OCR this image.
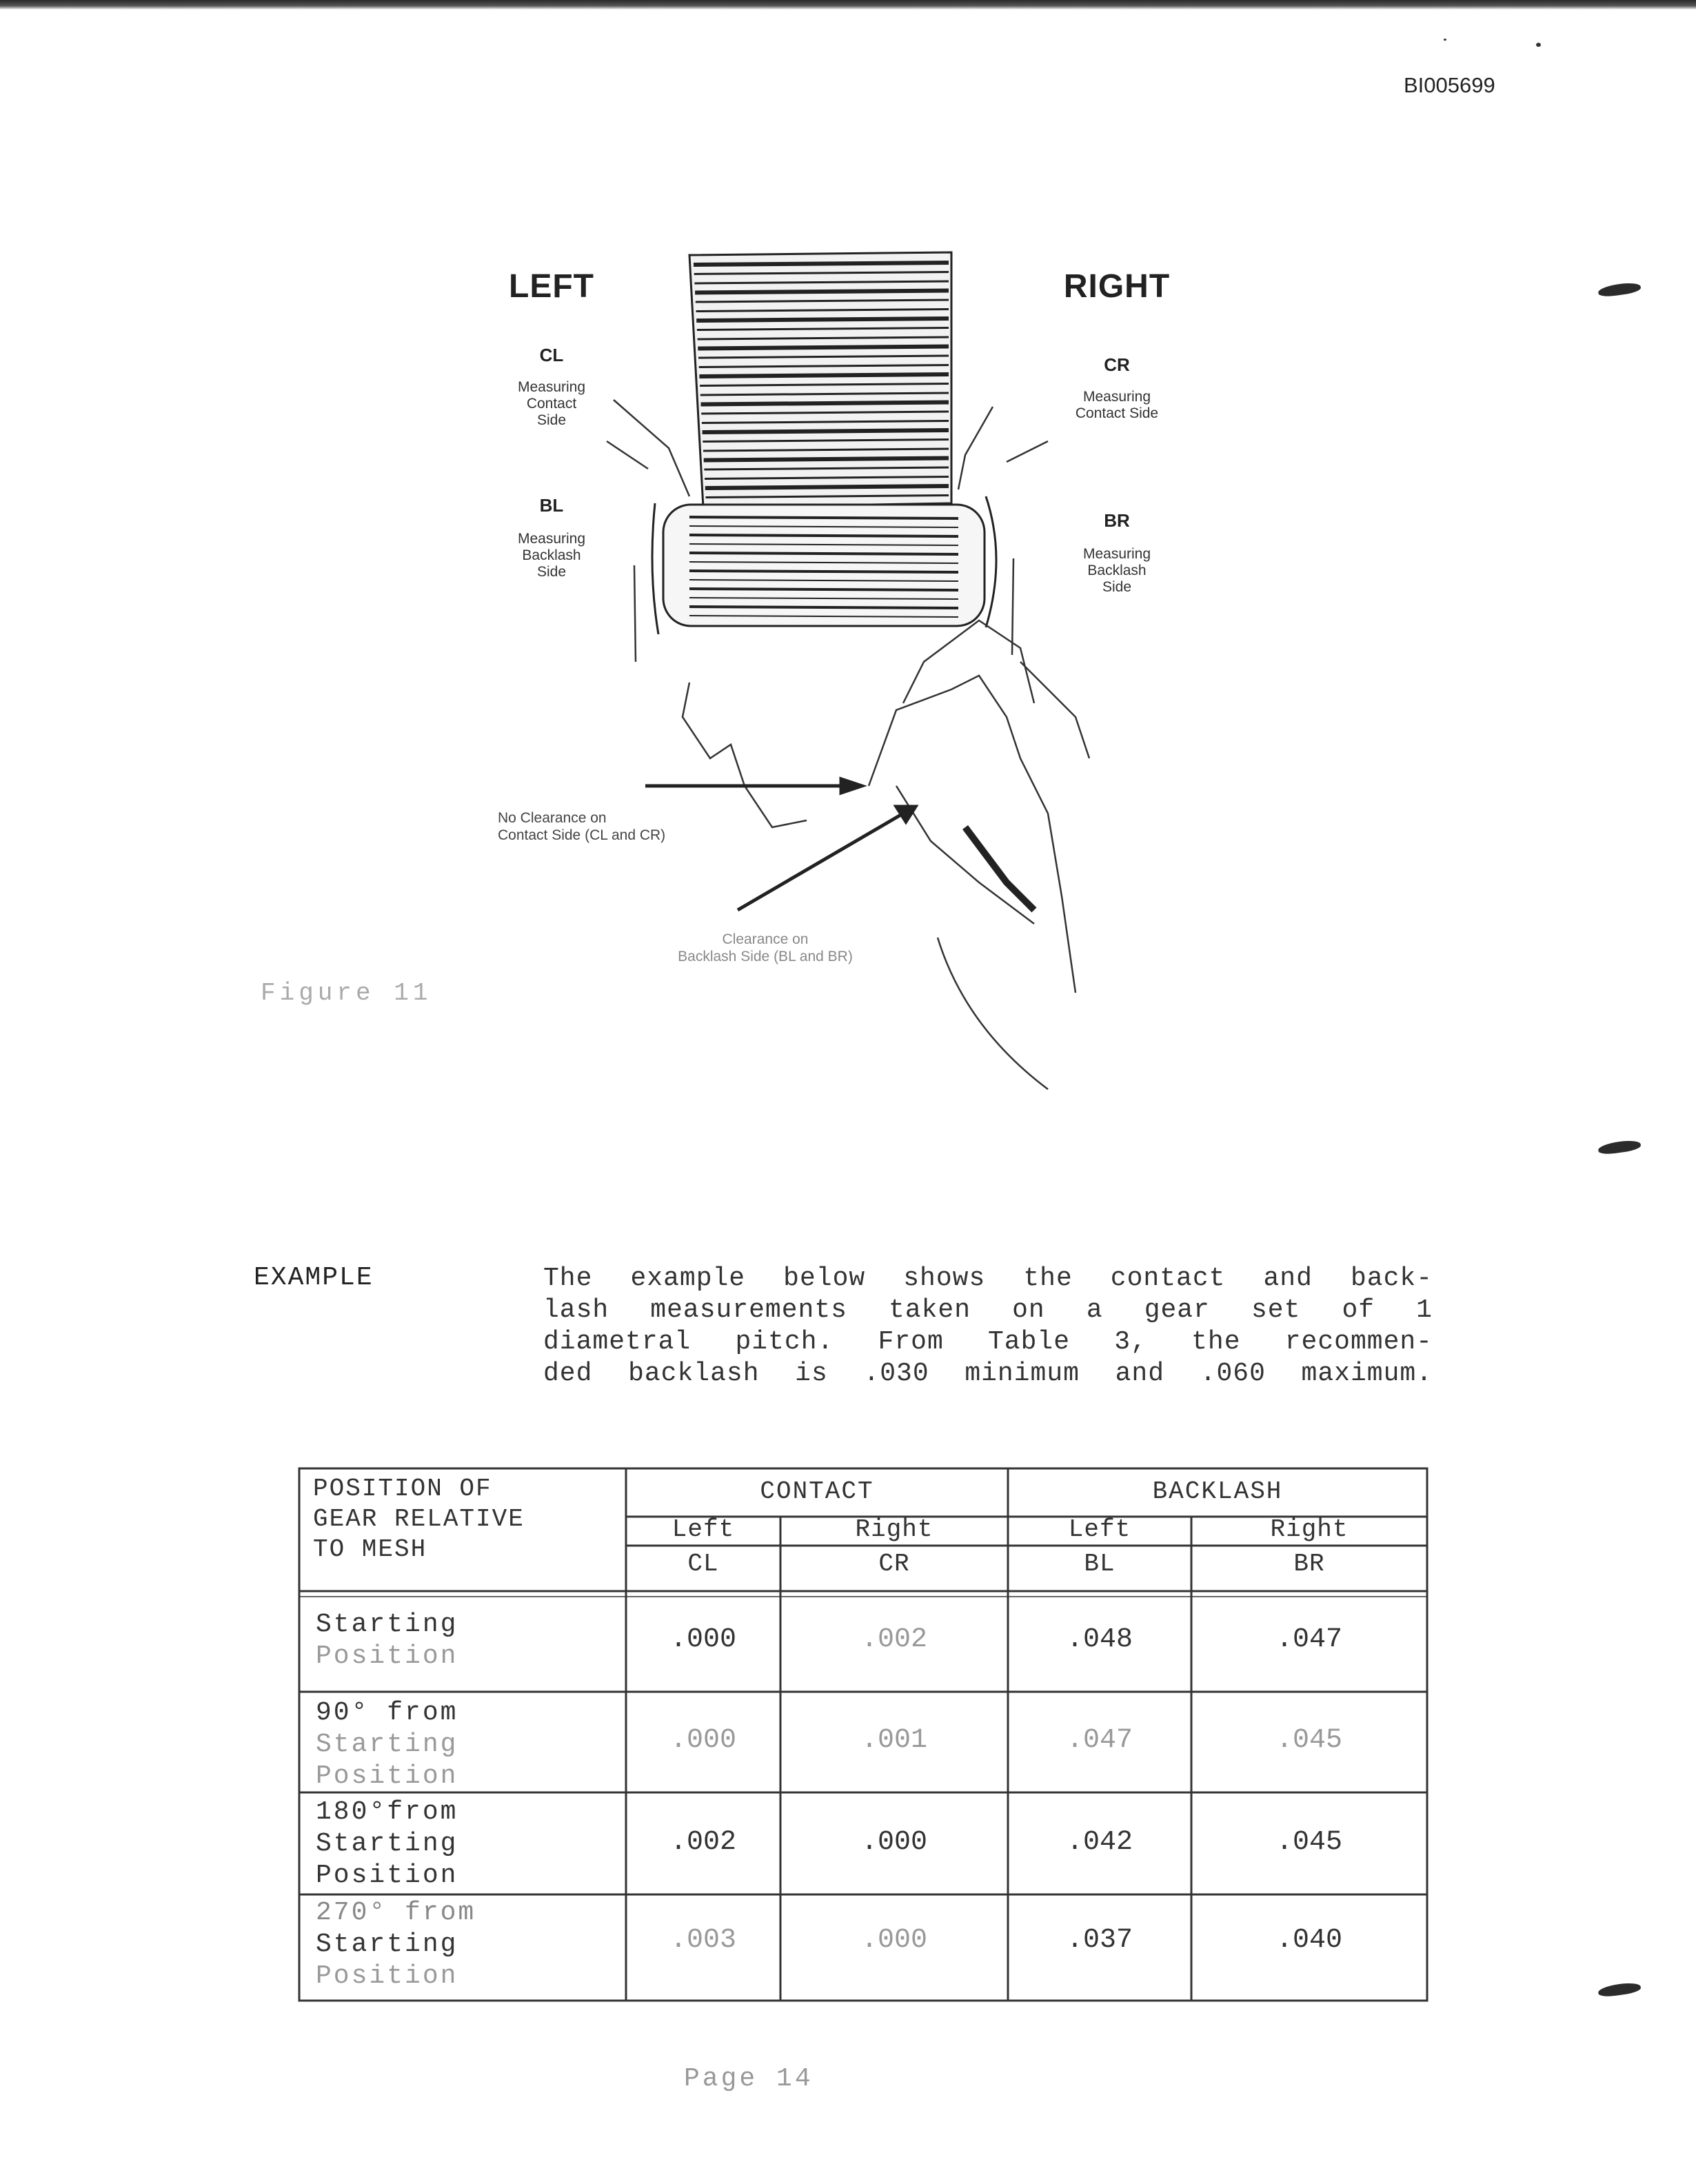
BI005699
LEFT	RIGHT
CL
Measuring
Contact
Side
BL
Measuring
Backlash
Side
CR
Measuring
Contact Side
BR
Measuring
Backlash
Side
No Clearance on
Contact Side (CL and CR)
Clearance on
Backlash Side (BL and BR)
Figure 11
EXAMPLE	The example below shows the contact and back-
lash measurements taken on a gear set of 1
diametral pitch. From Table 3, the recommen-
ded backlash is .030 minimum and .060 maximum.
POSITION OF
GEAR RELATIVE
TO MESH
CONTACT	BACKLASH
Left	Right	Left	Right
CL	CR	BL	BR
Starting
Position
.000	.002	.048	.047
90° from
Starting
Position
.000	.001	.047	.045
180°from
Starting
Position
.002	.000	.042	.045
270° from
Starting
Position
.003	.000	.037	.040
Page 14
